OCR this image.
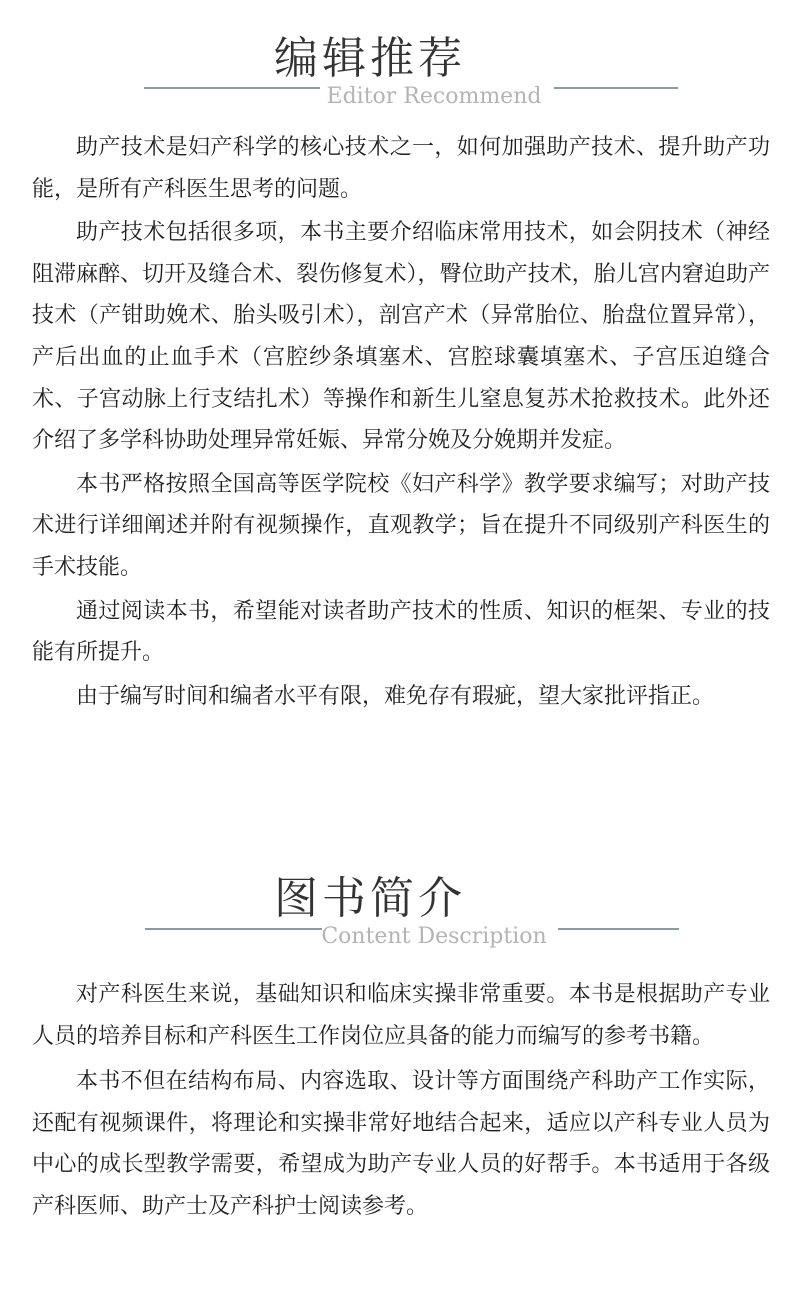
编辑推荐
Editor Recommend

助产技术是妇产科学的核心技术之一，如何加强助产技术、提升助产功能，是所有产科医生思考的问题。

助产技术包括很多项，本书主要介绍临床常用技术，如会阴技术（神经阻滞麻醉、切开及缝合术、裂伤修复术），臀位助产技术，胎儿宫内窘迫助产技术（产钳助娩术、胎头吸引术），剖宫产术（异常胎位、胎盘位置异常），产后出血的止血手术（宫腔纱条填塞术、宫腔球囊填塞术、子宫压迫缝合术、子宫动脉上行支结扎术）等操作和新生儿窒息复苏术抢救技术。此外还介绍了多学科协助处理异常妊娠、异常分娩及分娩期并发症。

本书严格按照全国高等医学院校《妇产科学》教学要求编写；对助产技术进行详细阐述并附有视频操作，直观教学；旨在提升不同级别产科医生的手术技能。

通过阅读本书，希望能对读者助产技术的性质、知识的框架、专业的技能有所提升。

由于编写时间和编者水平有限，难免存有瑕疵，望大家批评指正。

图书简介
Content Description

对产科医生来说，基础知识和临床实操非常重要。本书是根据助产专业人员的培养目标和产科医生工作岗位应具备的能力而编写的参考书籍。

本书不但在结构布局、内容选取、设计等方面围绕产科助产工作实际，还配有视频课件，将理论和实操非常好地结合起来，适应以产科专业人员为中心的成长型教学需要，希望成为助产专业人员的好帮手。本书适用于各级产科医师、助产士及产科护士阅读参考。
